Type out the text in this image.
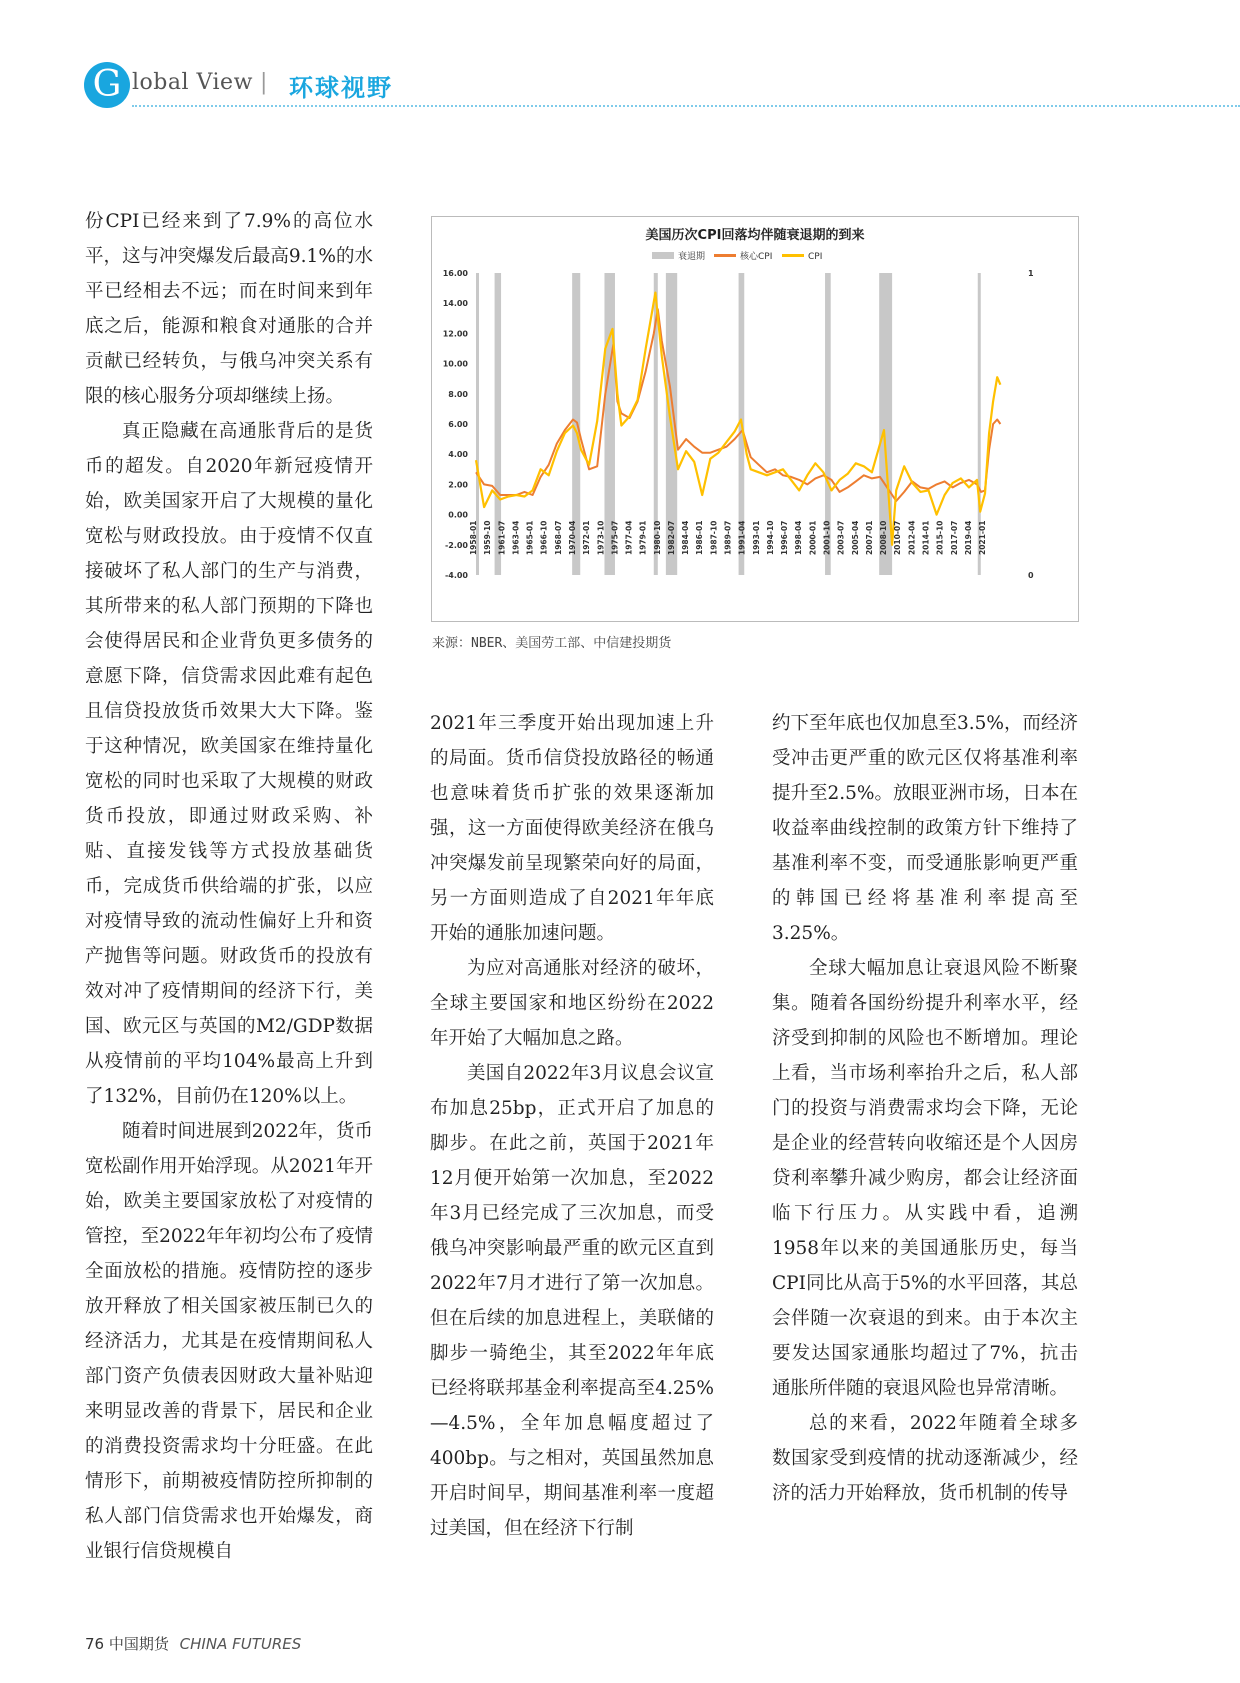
G lobal View | 环球视野

份CPI已经来到了7.9%的高位水平，这与冲突爆发后最高9.1%的水平已经相去不远；而在时间来到年底之后，能源和粮食对通胀的合并贡献已经转负，与俄乌冲突关系有限的核心服务分项却继续上扬。

真正隐藏在高通胀背后的是货币的超发。自2020年新冠疫情开始，欧美国家开启了大规模的量化宽松与财政投放。由于疫情不仅直接破坏了私人部门的生产与消费，其所带来的私人部门预期的下降也会使得居民和企业背负更多债务的意愿下降，信贷需求因此难有起色且信贷投放货币效果大大下降。鉴于这种情况，欧美国家在维持量化宽松的同时也采取了大规模的财政货币投放，即通过财政采购、补贴、直接发钱等方式投放基础货币，完成货币供给端的扩张，以应对疫情导致的流动性偏好上升和资产抛售等问题。财政货币的投放有效对冲了疫情期间的经济下行，美国、欧元区与英国的M2/GDP数据从疫情前的平均104%最高上升到了132%，目前仍在120%以上。

随着时间进展到2022年，货币宽松副作用开始浮现。从2021年开始，欧美主要国家放松了对疫情的管控，至2022年年初均公布了疫情全面放松的措施。疫情防控的逐步放开释放了相关国家被压制已久的经济活力，尤其是在疫情期间私人部门资产负债表因财政大量补贴迎来明显改善的背景下，居民和企业的消费投资需求均十分旺盛。在此情形下，前期被疫情防控所抑制的私人部门信贷需求也开始爆发，商业银行信贷规模自

2021年三季度开始出现加速上升的局面。货币信贷投放路径的畅通也意味着货币扩张的效果逐渐加强，这一方面使得欧美经济在俄乌冲突爆发前呈现繁荣向好的局面，另一方面则造成了自2021年年底开始的通胀加速问题。

为应对高通胀对经济的破坏，全球主要国家和地区纷纷在2022年开始了大幅加息之路。

美国自2022年3月议息会议宣布加息25bp，正式开启了加息的脚步。在此之前，英国于2021年12月便开始第一次加息，至2022年3月已经完成了三次加息，而受俄乌冲突影响最严重的欧元区直到2022年7月才进行了第一次加息。但在后续的加息进程上，美联储的脚步一骑绝尘，其至2022年年底已经将联邦基金利率提高至4.25%—4.5%，全年加息幅度超过了400bp。与之相对，英国虽然加息开启时间早，期间基准利率一度超过美国，但在经济下行制

约下至年底也仅加息至3.5%，而经济受冲击更严重的欧元区仅将基准利率提升至2.5%。放眼亚洲市场，日本在收益率曲线控制的政策方针下维持了基准利率不变，而受通胀影响更严重的韩国已经将基准利率提高至3.25%。

全球大幅加息让衰退风险不断聚集。随着各国纷纷提升利率水平，经济受到抑制的风险也不断增加。理论上看，当市场利率抬升之后，私人部门的投资与消费需求均会下降，无论是企业的经营转向收缩还是个人因房贷利率攀升减少购房，都会让经济面临下行压力。从实践中看，追溯1958年以来的美国通胀历史，每当CPI同比从高于5%的水平回落，其总会伴随一次衰退的到来。由于本次主要发达国家通胀均超过了7%，抗击通胀所伴随的衰退风险也异常清晰。

总的来看，2022年随着全球多数国家受到疫情的扰动逐渐减少，经济的活力开始释放，货币机制的传导

美国历次CPI回落均伴随衰退期的到来
衰退期	核心CPI	CPI
-4.00
-2.00
0.00
2.00
4.00
6.00
8.00
10.00
12.00
14.00
16.00	1
0
1958-01 1959-10 1961-07 1963-04 1965-01 1966-10 1968-07 1970-04 1972-01 1973-10 1975-07 1977-04 1979-01 1980-10 1982-07 1984-04 1986-01 1987-10 1989-07 1991-04 1993-01 1994-10 1996-07 1998-04 2000-01 2001-10 2003-07 2005-04 2007-01 2008-10 2010-07 2012-04 2014-01 2015-10 2017-07 2019-04 2021-01
来源：NBER、美国劳工部、中信建投期货
76 中国期货 CHINA FUTURES
